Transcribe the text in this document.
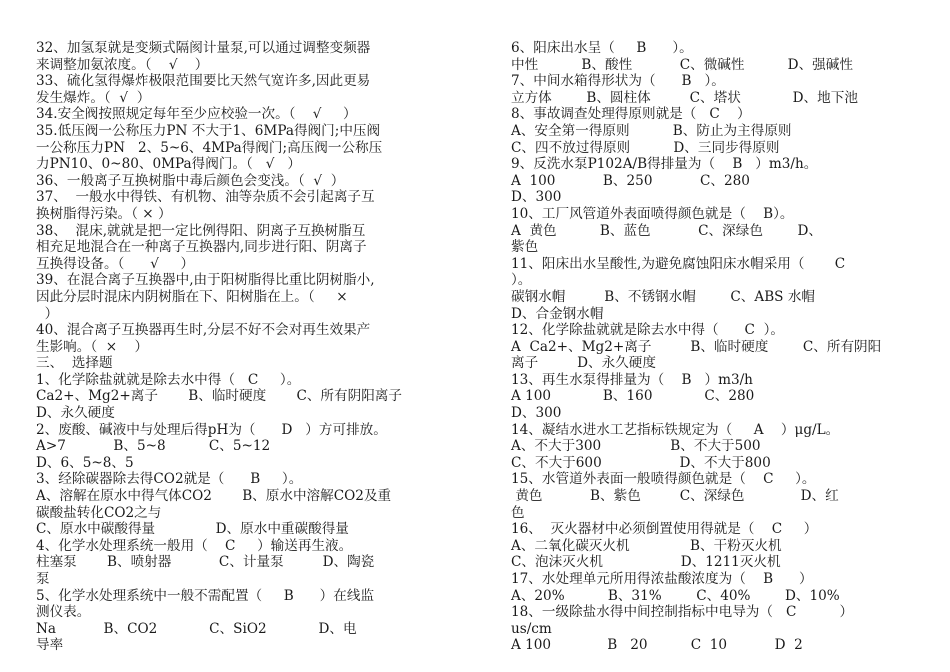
32、加氢泵就是变频式隔阂计量泵,可以通过调整变频器
来调整加氨浓度。（    √    ）
33、硫化氢得爆炸极限范围要比天然气宽许多,因此更易
发生爆炸。（  √  ）
34.安全阀按照规定每年至少应校验一次。（    √     ）
35.低压阀一公称压力PN 不大于1、6MPa得阀门;中压阀
一公称压力PN   2、5~6、4MPa得阀门;高压阀一公称压
力PN10、0~80、0MPa得阀门。（   √   ）
36、一般离子互换树脂中毒后颜色会变浅。（  √  ）
37、  一般水中得铁、有机物、油等杂质不会引起离子互
换树脂得污染。（ × ）
38、  混床,就就是把一定比例得阳、阴离子互换树脂互
相充足地混合在一种离子互换器内,同步进行阳、阴离子
互换得设备。（      √     ）
39、在混合离子互换器中,由于阳树脂得比重比阴树脂小,
因此分层时混床内阴树脂在下、阳树脂在上。（     ×
）
40、混合离子互换器再生时,分层不好不会对再生效果产
生影响。（  ×    ）
三、  选择题
1、化学除盐就就是除去水中得（   C     ）。
Ca2+、Mg2+离子       B、临时硬度       C、所有阴阳离子
D、永久硬度
2、废酸、碱液中与处理后得pH为（      D   ）方可排放。
A>7           B、5~8          C、5~12
D、6、5~8、5
3、经除碳器除去得CO2就是（      B     ）。
A、溶解在原水中得气体CO2       B、原水中溶解CO2及重
碳酸盐转化CO2之与
C、原水中碳酸得量              D、原水中重碳酸得量
4、化学水处理系统一般用（    C     ）输送再生液。
柱塞泵       B、喷射器           C、计量泵         D、陶瓷
泵
5、化学水处理系统中一般不需配置（     B      ）在线监
测仪表。
Na           B、CO2            C、SiO2            D、电
导率
6、阳床出水呈（     B      ）。
中性          B、酸性           C、微碱性          D、强碱性
7、中间水箱得形状为（      B   ）。
立方体        B、圆柱体         C、塔状            D、地下池
8、事故调查处理得原则就是（   C    ）
A、安全第一得原则          B、防止为主得原则
C、四不放过得原则          D、三同步得原则
9、反洗水泵P102A/B得排量为（    B   ）m3/h。
A  100           B、250           C、280
D、300
10、工厂风管道外表面喷得颜色就是（    B）。
A  黄色          B、蓝色           C、深绿色        D、
紫色
11、阳床出水呈酸性,为避免腐蚀阳床水帽采用（       C
）。
碳钢水帽         B、不锈钢水帽        C、ABS 水帽
D、合金钢水帽
12、化学除盐就就是除去水中得（      C  ）。
A  Ca2+、Mg2+离子         B、临时硬度        C、所有阴阳
离子         D、永久硬度
13、再生水泵得排量为（    B   ）m3/h
A 100            B、160            C、280
D、300
14、凝结水进水工艺指标铁规定为（     A    ）μg/L。
A、不大于300                B、不大于500
C、不大于600                  D、不大于800
15、水管道外表面一般喷得颜色就是（    C     ）。
黄色           B、紫色         C、深绿色             D、红
色
16、  灭火器材中必须倒置使用得就是（    C     ）
A、二氧化碳灭火机              B、干粉灭火机
C、泡沫灭火机                  D、1211灭火机
17、水处理单元所用得浓盐酸浓度为（    B      ）
A、20%          B、31%        C、40%        D、10%
18、一级除盐水得中间控制指标中电导为（   C          ）
us/cm
A 100             B   20          C  10           D  2
